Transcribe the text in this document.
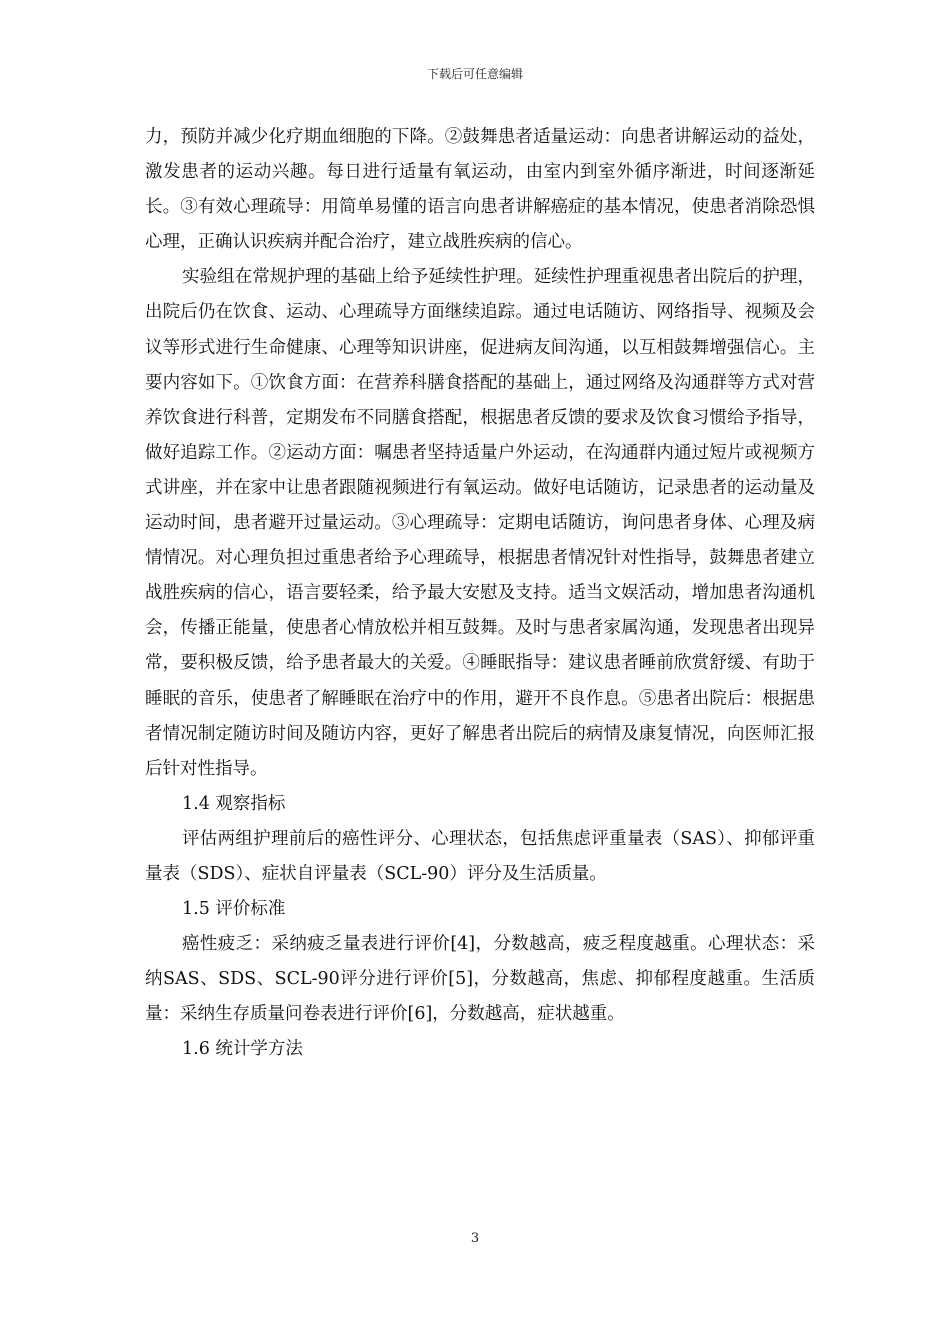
下载后可任意编辑

力，预防并减少化疗期血细胞的下降。②鼓舞患者适量运动：向患者讲解运动的益处，激发患者的运动兴趣。每日进行适量有氧运动，由室内到室外循序渐进，时间逐渐延长。③有效心理疏导：用简单易懂的语言向患者讲解癌症的基本情况，使患者消除恐惧心理，正确认识疾病并配合治疗，建立战胜疾病的信心。

实验组在常规护理的基础上给予延续性护理。延续性护理重视患者出院后的护理，出院后仍在饮食、运动、心理疏导方面继续追踪。通过电话随访、网络指导、视频及会议等形式进行生命健康、心理等知识讲座，促进病友间沟通，以互相鼓舞增强信心。主要内容如下。①饮食方面：在营养科膳食搭配的基础上，通过网络及沟通群等方式对营养饮食进行科普，定期发布不同膳食搭配，根据患者反馈的要求及饮食习惯给予指导，做好追踪工作。②运动方面：嘱患者坚持适量户外运动，在沟通群内通过短片或视频方式讲座，并在家中让患者跟随视频进行有氧运动。做好电话随访，记录患者的运动量及运动时间，患者避开过量运动。③心理疏导：定期电话随访，询问患者身体、心理及病情情况。对心理负担过重患者给予心理疏导，根据患者情况针对性指导，鼓舞患者建立战胜疾病的信心，语言要轻柔，给予最大安慰及支持。适当文娱活动，增加患者沟通机会，传播正能量，使患者心情放松并相互鼓舞。及时与患者家属沟通，发现患者出现异常，要积极反馈，给予患者最大的关爱。④睡眠指导：建议患者睡前欣赏舒缓、有助于睡眠的音乐，使患者了解睡眠在治疗中的作用，避开不良作息。⑤患者出院后：根据患者情况制定随访时间及随访内容，更好了解患者出院后的病情及康复情况，向医师汇报后针对性指导。

1.4 观察指标

评估两组护理前后的癌性评分、心理状态，包括焦虑评重量表（SAS）、抑郁评重量表（SDS）、症状自评量表（SCL-90）评分及生活质量。

1.5 评价标准

癌性疲乏：采纳疲乏量表进行评价[4]，分数越高，疲乏程度越重。心理状态：采纳SAS、SDS、SCL-90评分进行评价[5]，分数越高，焦虑、抑郁程度越重。生活质量：采纳生存质量问卷表进行评价[6]，分数越高，症状越重。

1.6 统计学方法

3
